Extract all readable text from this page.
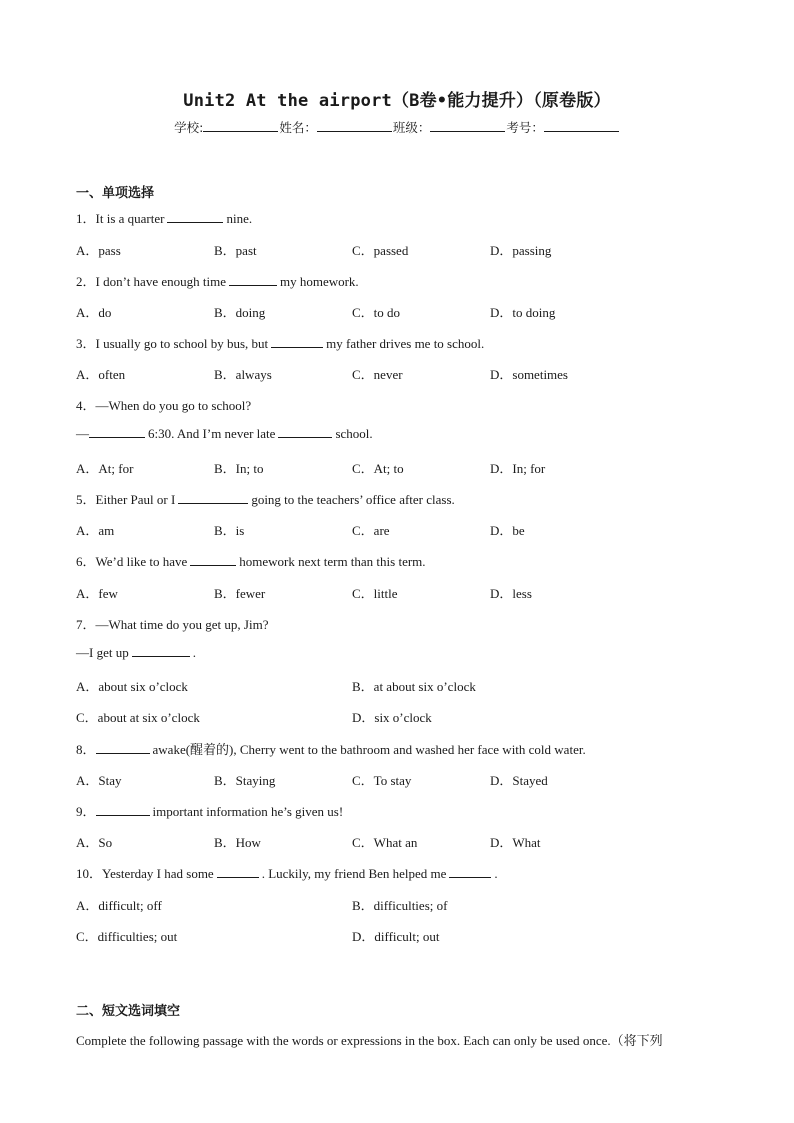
Unit2 At the airport（B卷•能力提升）（原卷版）
学校:	姓名：	班级：	考号：
一、单项选择
1．It is a quarter	nine.
A．pass	B．past	C．passed	D．passing
2．I don’t have enough time	my homework.
A．do	B．doing	C．to do	D．to doing
3．I usually go to school by bus, but	my father drives me to school.
A．often	B．always	C．never	D．sometimes
4．—When do you go to school?
—	6:30. And I’m never late	school.
A．At; for	B．In; to	C．At; to	D．In; for
5．Either Paul or I	going to the teachers’ office after class.
A．am	B．is	C．are	D．be
6．We’d like to have	homework next term than this term.
A．few	B．fewer	C．little	D．less
7．—What time do you get up, Jim?
—I get up	.
A．about six o’clock	B．at about six o’clock
C．about at six o’clock	D．six o’clock
8．	awake(醒着的), Cherry went to the bathroom and washed her face with cold water.
A．Stay	B．Staying	C．To stay	D．Stayed
9．	important information he’s given us!
A．So	B．How	C．What an	D．What
10．Yesterday I had some	. Luckily, my friend Ben helped me	.
A．difficult; off	B．difficulties; of
C．difficulties; out	D．difficult; out
二、短文选词填空
Complete the following passage with the words or expressions in the box. Each can only be used once.（将下列
